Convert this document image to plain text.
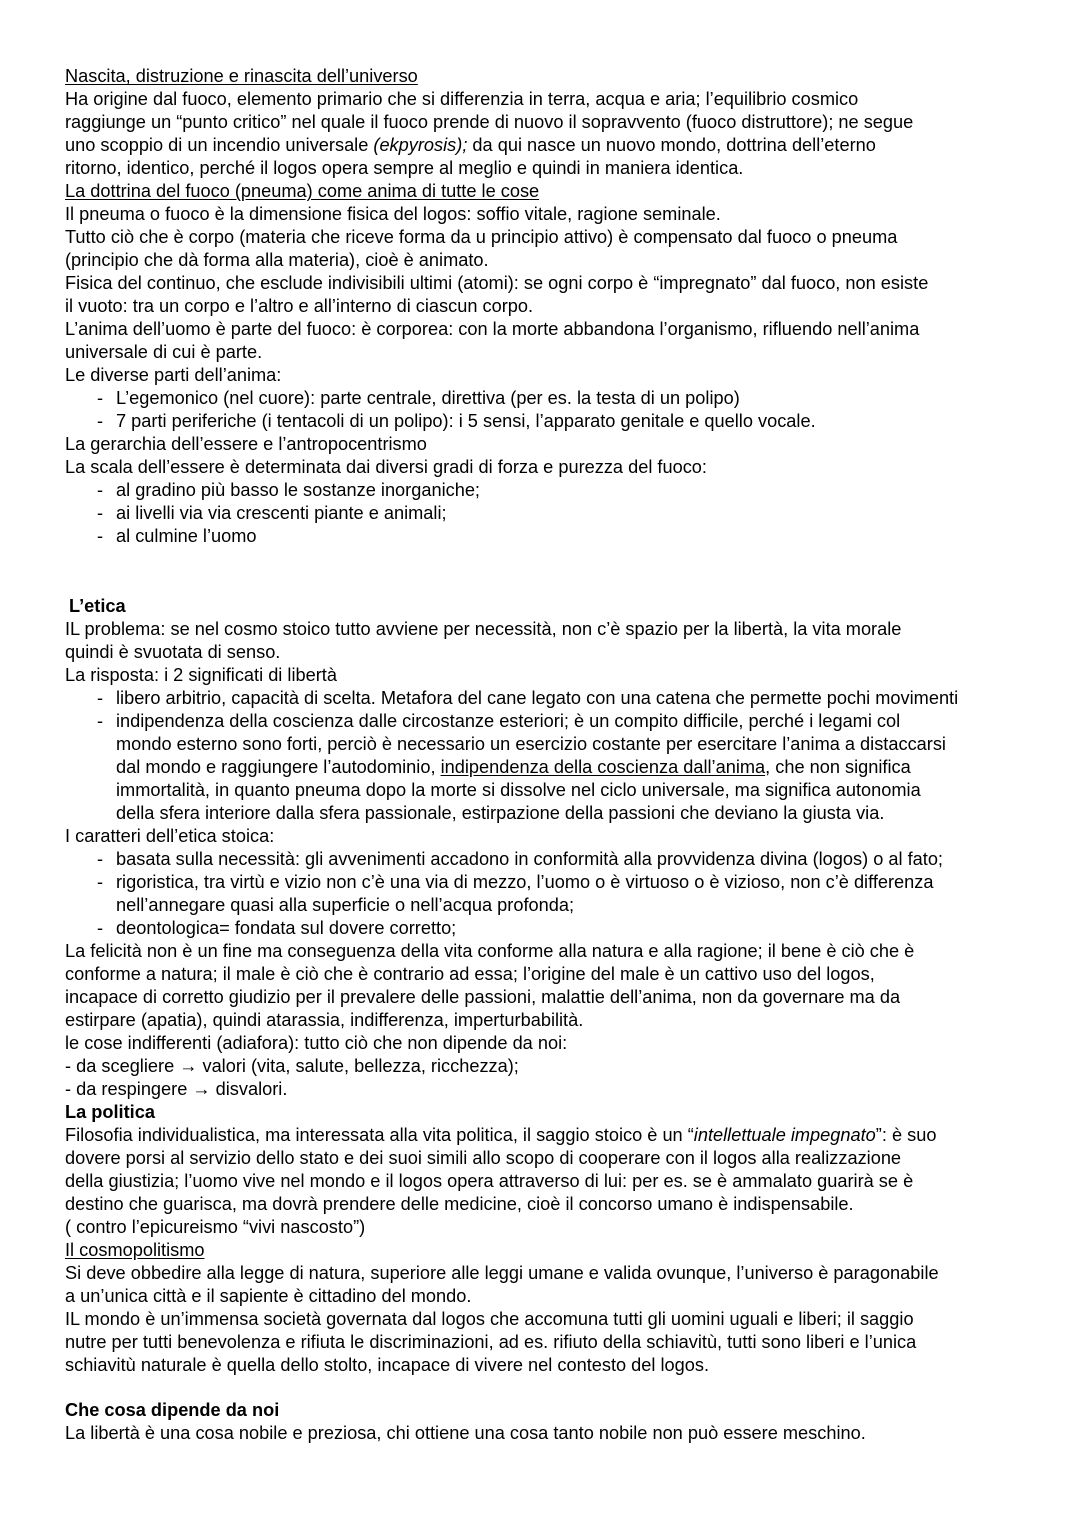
Nascita, distruzione e rinascita dell’universo

Ha origine dal fuoco, elemento primario che si differenzia in terra, acqua e aria; l’equilibrio cosmico

raggiunge un “punto critico” nel quale il fuoco prende di nuovo il sopravvento (fuoco distruttore); ne segue

uno scoppio di un incendio universale (ekpyrosis); da qui nasce un nuovo mondo, dottrina dell’eterno

ritorno, identico, perché il logos opera sempre al meglio e quindi in maniera identica.

La dottrina del fuoco (pneuma) come anima di tutte le cose

Il pneuma o fuoco è la dimensione fisica del logos: soffio vitale, ragione seminale.

Tutto ciò che è corpo (materia che riceve forma da u principio attivo) è compensato dal fuoco o pneuma

(principio che dà forma alla materia), cioè è animato.

Fisica del continuo, che esclude indivisibili ultimi (atomi): se ogni corpo è “impregnato” dal fuoco, non esiste

il vuoto: tra un corpo e l’altro e all’interno di ciascun corpo.

L’anima dell’uomo è parte del fuoco: è corporea: con la morte abbandona l’organismo, rifluendo nell’anima

universale di cui è parte.

Le diverse parti dell’anima:

- L’egemonico (nel cuore): parte centrale, direttiva (per es. la testa di un polipo)

- 7 parti periferiche (i tentacoli di un polipo): i 5 sensi, l’apparato genitale e quello vocale.

La gerarchia dell’essere e l’antropocentrismo

La scala dell’essere è determinata dai diversi gradi di forza e purezza del fuoco:

- al gradino più basso le sostanze inorganiche;

- ai livelli via via crescenti piante e animali;

- al culmine l’uomo

L’etica

IL problema: se nel cosmo stoico tutto avviene per necessità, non c’è spazio per la libertà, la vita morale

quindi è svuotata di senso.

La risposta: i 2 significati di libertà

- libero arbitrio, capacità di scelta. Metafora del cane legato con una catena che permette pochi movimenti

- indipendenza della coscienza dalle circostanze esteriori; è un compito difficile, perché i legami col

mondo esterno sono forti, perciò è necessario un esercizio costante per esercitare l’anima a distaccarsi

dal mondo e raggiungere l’autodominio, indipendenza della coscienza dall’anima, che non significa

immortalità, in quanto pneuma dopo la morte si dissolve nel ciclo universale, ma significa autonomia

della sfera interiore dalla sfera passionale, estirpazione della passioni che deviano la giusta via.

I caratteri dell’etica stoica:

- basata sulla necessità: gli avvenimenti accadono in conformità alla provvidenza divina (logos) o al fato;

- rigoristica, tra virtù e vizio non c’è una via di mezzo, l’uomo o è virtuoso o è vizioso, non c’è differenza

nell’annegare quasi alla superficie o nell’acqua profonda;

- deontologica= fondata sul dovere corretto;

La felicità non è un fine ma conseguenza della vita conforme alla natura e alla ragione; il bene è ciò che è

conforme a natura; il male è ciò che è contrario ad essa; l’origine del male è un cattivo uso del logos,

incapace di corretto giudizio per il prevalere delle passioni, malattie dell’anima, non da governare ma da

estirpare (apatia), quindi atarassia, indifferenza, imperturbabilità.

le cose indifferenti (adiafora): tutto ciò che non dipende da noi:

- da scegliere → valori (vita, salute, bellezza, ricchezza);

- da respingere → disvalori.

La politica

Filosofia individualistica, ma interessata alla vita politica, il saggio stoico è un “intellettuale impegnato”: è suo

dovere porsi al servizio dello stato e dei suoi simili allo scopo di cooperare con il logos alla realizzazione

della giustizia; l’uomo vive nel mondo e il logos opera attraverso di lui: per es. se è ammalato guarirà se è

destino che guarisca, ma dovrà prendere delle medicine, cioè il concorso umano è indispensabile.

( contro l’epicureismo “vivi nascosto”)

Il cosmopolitismo

Si deve obbedire alla legge di natura, superiore alle leggi umane e valida ovunque, l’universo è paragonabile

a un’unica città e il sapiente è cittadino del mondo.

IL mondo è un’immensa società governata dal logos che accomuna tutti gli uomini uguali e liberi; il saggio

nutre per tutti benevolenza e rifiuta le discriminazioni, ad es. rifiuto della schiavitù, tutti sono liberi e l’unica

schiavitù naturale è quella dello stolto, incapace di vivere nel contesto del logos.

Che cosa dipende da noi

La libertà è una cosa nobile e preziosa, chi ottiene una cosa tanto nobile non può essere meschino.
